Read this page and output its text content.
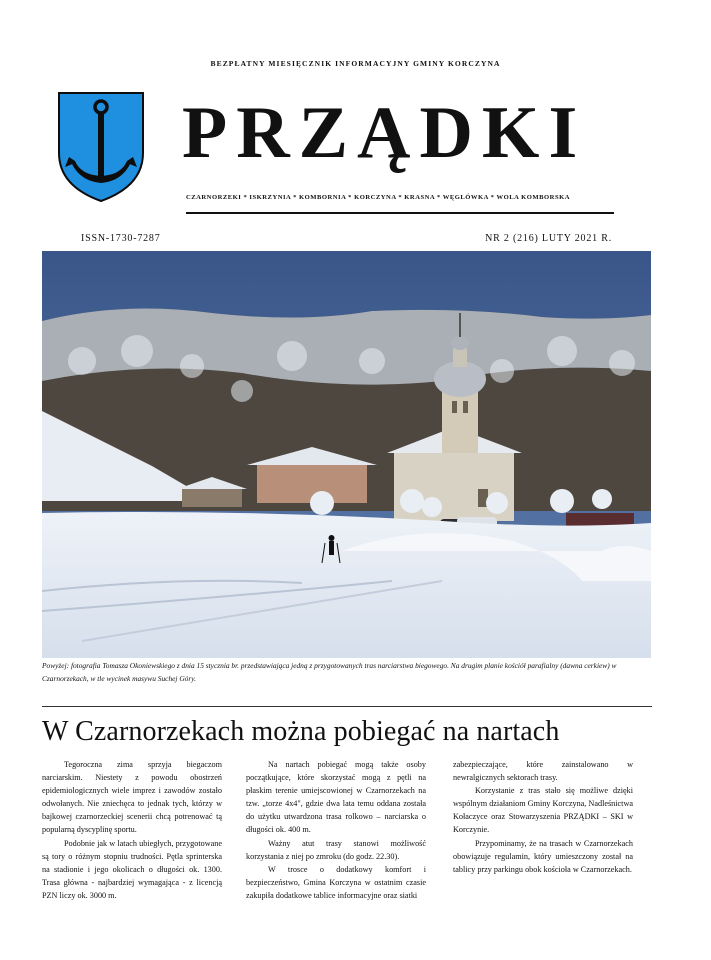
BEZPŁATNY MIESIĘCZNIK INFORMACYJNY GMINY KORCZYNA
PRZĄDKI
CZARNORZEKI * ISKRZYNIA * KOMBORNIA * KORCZYNA * KRASNA * WĘGLÓWKA * WOLA KOMBORSKA
ISSN-1730-7287	NR 2 (216) LUTY 2021 R.
Powyżej: fotografia Tomasza Okoniewskiego z dnia 15 stycznia br. przedstawiająca jedną z przygotowanych tras narciarstwa biegowego. Na drugim planie kościół parafialny (dawna cerkiew) w Czarnorzekach, w tle wycinek masywu Suchej Góry.
W Czarnorzekach można pobiegać na nartach

Tegoroczna zima sprzyja biegaczom narciarskim. Niestety z powodu obostrzeń epidemiologicznych wiele imprez i zawodów zostało odwołanych. Nie zniechęca to jednak tych, którzy w bajkowej czarnorzeckiej scenerii chcą potrenować tą popularną dyscyplinę sportu.

Podobnie jak w latach ubiegłych, przygotowane są tory o różnym stopniu trudności. Pętla sprinterska na stadionie i jego okolicach o długości ok. 1300. Trasa główna - najbardziej wymagająca - z licencją PZN liczy ok. 3000 m.

Na nartach pobiegać mogą także osoby początkujące, które skorzystać mogą z pętli na płaskim terenie umiejscowionej w Czarnorzekach na tzw. „torze 4x4", gdzie dwa lata temu oddana została do użytku utwardzona trasa rolkowo – narciarska o długości ok. 400 m.

Ważny atut trasy stanowi możliwość korzystania z niej po zmroku (do godz. 22.30).

W trosce o dodatkowy komfort i bezpieczeństwo, Gmina Korczyna w ostatnim czasie zakupiła dodatkowe tablice informacyjne oraz siatki

zabezpieczające, które zainstalowano w newralgicznych sektorach trasy.

Korzystanie z tras stało się możliwe dzięki wspólnym działaniom Gminy Korczyna, Nadleśnictwa Kołaczyce oraz Stowarzyszenia PRZĄDKI – SKI w Korczynie.

Przypominamy, że na trasach w Czarnorzekach obowiązuje regulamin, który umieszczony został na tablicy przy parkingu obok kościoła w Czarnorzekach.
